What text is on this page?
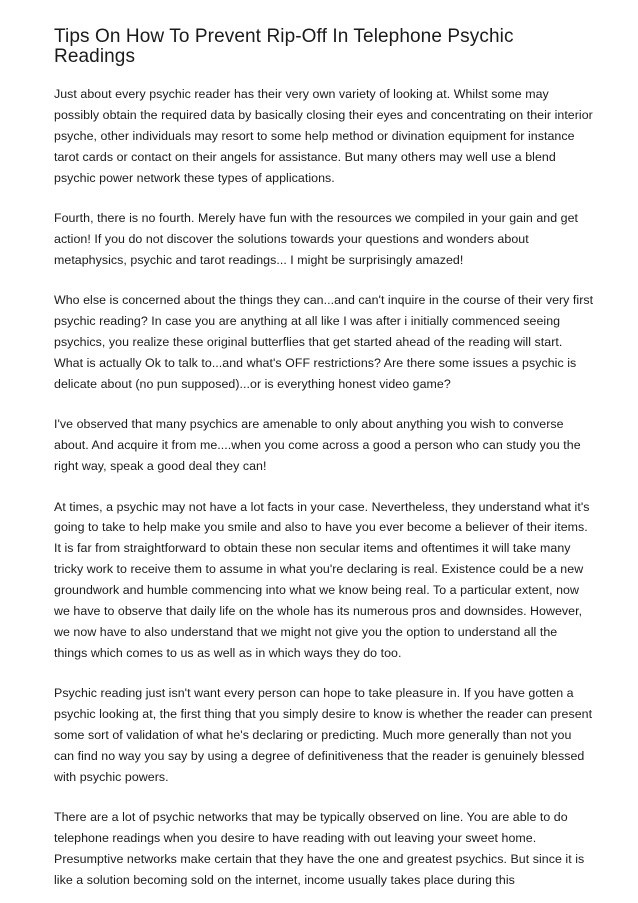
Tips On How To Prevent Rip-Off In Telephone Psychic Readings

Just about every psychic reader has their very own variety of looking at. Whilst some may possibly obtain the required data by basically closing their eyes and concentrating on their interior psyche, other individuals may resort to some help method or divination equipment for instance tarot cards or contact on their angels for assistance. But many others may well use a blend psychic power network these types of applications.

Fourth, there is no fourth. Merely have fun with the resources we compiled in your gain and get action! If you do not discover the solutions towards your questions and wonders about metaphysics, psychic and tarot readings... I might be surprisingly amazed!

Who else is concerned about the things they can...and can't inquire in the course of their very first psychic reading? In case you are anything at all like I was after i initially commenced seeing psychics, you realize these original butterflies that get started ahead of the reading will start. What is actually Ok to talk to...and what's OFF restrictions? Are there some issues a psychic is delicate about (no pun supposed)...or is everything honest video game?

I've observed that many psychics are amenable to only about anything you wish to converse about. And acquire it from me....when you come across a good a person who can study you the right way, speak a good deal they can!

At times, a psychic may not have a lot facts in your case. Nevertheless, they understand what it's going to take to help make you smile and also to have you ever become a believer of their items. It is far from straightforward to obtain these non secular items and oftentimes it will take many tricky work to receive them to assume in what you're declaring is real. Existence could be a new groundwork and humble commencing into what we know being real. To a particular extent, now we have to observe that daily life on the whole has its numerous pros and downsides. However, we now have to also understand that we might not give you the option to understand all the things which comes to us as well as in which ways they do too.

Psychic reading just isn't want every person can hope to take pleasure in. If you have gotten a psychic looking at, the first thing that you simply desire to know is whether the reader can present some sort of validation of what he's declaring or predicting. Much more generally than not you can find no way you say by using a degree of definitiveness that the reader is genuinely blessed with psychic powers.

There are a lot of psychic networks that may be typically observed on line. You are able to do telephone readings when you desire to have reading with out leaving your sweet home. Presumptive networks make certain that they have the one and greatest psychics. But since it is like a solution becoming sold on the internet, income usually takes place during this
